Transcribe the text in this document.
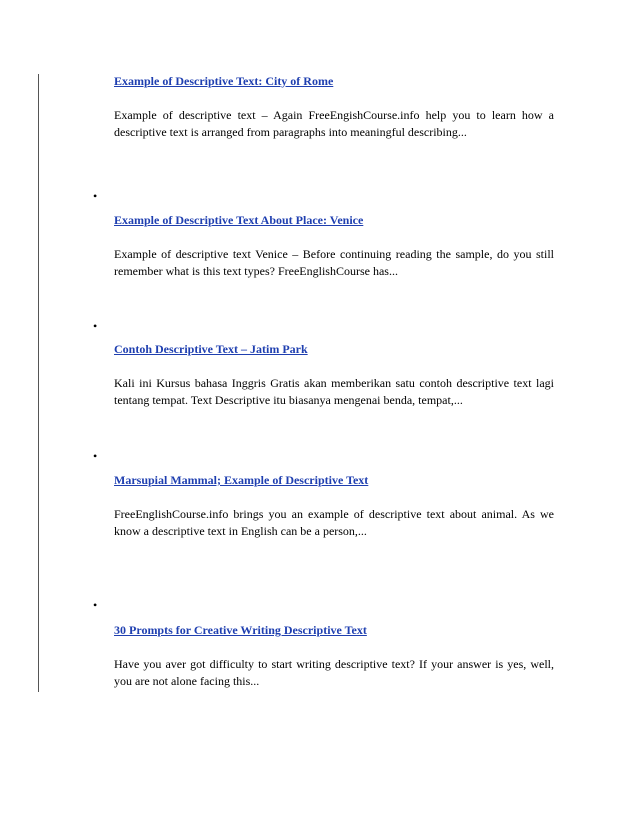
Example of Descriptive Text: City of Rome
Example of descriptive text – Again FreeEngishCourse.info help you to learn how a descriptive text is arranged from paragraphs into meaningful describing...
•
Example of Descriptive Text About Place: Venice
Example of descriptive text Venice – Before continuing reading the sample, do you still remember what is this text types? FreeEnglishCourse has...
•
Contoh Descriptive Text – Jatim Park
Kali ini Kursus bahasa Inggris Gratis akan memberikan satu contoh descriptive text lagi tentang tempat. Text Descriptive itu biasanya mengenai benda, tempat,...
•
Marsupial Mammal; Example of Descriptive Text
FreeEnglishCourse.info brings you an example of descriptive text about animal. As we know a descriptive text in English can be a person,...
•
30 Prompts for Creative Writing Descriptive Text
Have you aver got difficulty to start writing descriptive text? If your answer is yes, well, you are not alone facing this...
